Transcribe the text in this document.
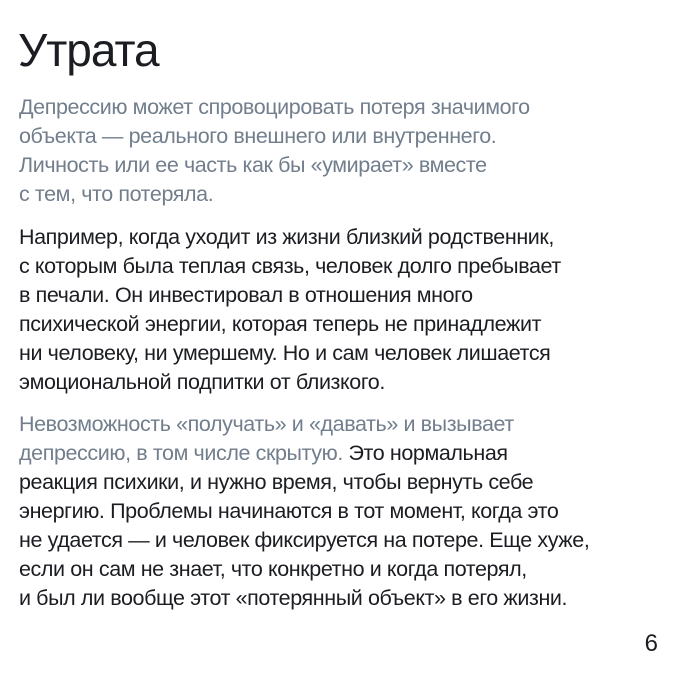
Утрата

Депрессию может спровоцировать потеря значимого
объекта — реального внешнего или внутреннего.
Личность или ее часть как бы «умирает» вместе
с тем, что потеряла.

Например, когда уходит из жизни близкий родственник,
с которым была теплая связь, человек долго пребывает
в печали. Он инвестировал в отношения много
психической энергии, которая теперь не принадлежит
ни человеку, ни умершему. Но и сам человек лишается
эмоциональной подпитки от близкого.

Невозможность «получать» и «давать» и вызывает
депрессию, в том числе скрытую. Это нормальная
реакция психики, и нужно время, чтобы вернуть себе
энергию. Проблемы начинаются в тот момент, когда это
не удается — и человек фиксируется на потере. Еще хуже,
если он сам не знает, что конкретно и когда потерял,
и был ли вообще этот «потерянный объект» в его жизни.

6
